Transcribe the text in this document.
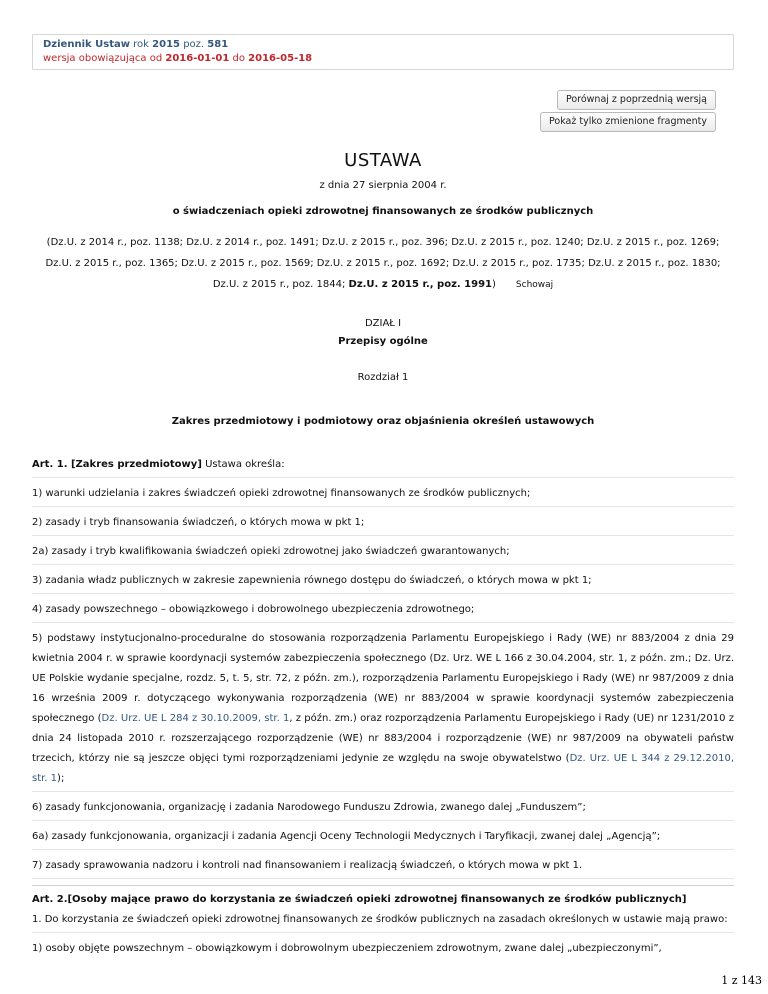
Dziennik Ustaw rok 2015 poz. 581
wersja obowiązująca od 2016-01-01 do 2016-05-18
Porównaj z poprzednią wersją
Pokaż tylko zmienione fragmenty
USTAWA
z dnia 27 sierpnia 2004 r.
o świadczeniach opieki zdrowotnej finansowanych ze środków publicznych
(Dz.U. z 2014 r., poz. 1138; Dz.U. z 2014 r., poz. 1491; Dz.U. z 2015 r., poz. 396; Dz.U. z 2015 r., poz. 1240; Dz.U. z 2015 r., poz. 1269; Dz.U. z 2015 r., poz. 1365; Dz.U. z 2015 r., poz. 1569; Dz.U. z 2015 r., poz. 1692; Dz.U. z 2015 r., poz. 1735; Dz.U. z 2015 r., poz. 1830; Dz.U. z 2015 r., poz. 1844; Dz.U. z 2015 r., poz. 1991) Schowaj
DZIAŁ I
Przepisy ogólne
Rozdział 1
Zakres przedmiotowy i podmiotowy oraz objaśnienia określeń ustawowych
Art. 1. [Zakres przedmiotowy] Ustawa określa:
1) warunki udzielania i zakres świadczeń opieki zdrowotnej finansowanych ze środków publicznych;
2) zasady i tryb finansowania świadczeń, o których mowa w pkt 1;
2a) zasady i tryb kwalifikowania świadczeń opieki zdrowotnej jako świadczeń gwarantowanych;
3) zadania władz publicznych w zakresie zapewnienia równego dostępu do świadczeń, o których mowa w pkt 1;
4) zasady powszechnego – obowiązkowego i dobrowolnego ubezpieczenia zdrowotnego;
5) podstawy instytucjonalno-proceduralne do stosowania rozporządzenia Parlamentu Europejskiego i Rady (WE) nr 883/2004 z dnia 29 kwietnia 2004 r. w sprawie koordynacji systemów zabezpieczenia społecznego (Dz. Urz. WE L 166 z 30.04.2004, str. 1, z późn. zm.; Dz. Urz. UE Polskie wydanie specjalne, rozdz. 5, t. 5, str. 72, z późn. zm.), rozporządzenia Parlamentu Europejskiego i Rady (WE) nr 987/2009 z dnia 16 września 2009 r. dotyczącego wykonywania rozporządzenia (WE) nr 883/2004 w sprawie koordynacji systemów zabezpieczenia społecznego (Dz. Urz. UE L 284 z 30.10.2009, str. 1, z późn. zm.) oraz rozporządzenia Parlamentu Europejskiego i Rady (UE) nr 1231/2010 z dnia 24 listopada 2010 r. rozszerzającego rozporządzenie (WE) nr 883/2004 i rozporządzenie (WE) nr 987/2009 na obywateli państw trzecich, którzy nie są jeszcze objęci tymi rozporządzeniami jedynie ze względu na swoje obywatelstwo (Dz. Urz. UE L 344 z 29.12.2010, str. 1);
6) zasady funkcjonowania, organizację i zadania Narodowego Funduszu Zdrowia, zwanego dalej „Funduszem”;
6a) zasady funkcjonowania, organizacji i zadania Agencji Oceny Technologii Medycznych i Taryfikacji, zwanej dalej „Agencją”;
7) zasady sprawowania nadzoru i kontroli nad finansowaniem i realizacją świadczeń, o których mowa w pkt 1.
Art. 2.[Osoby mające prawo do korzystania ze świadczeń opieki zdrowotnej finansowanych ze środków publicznych]
1. Do korzystania ze świadczeń opieki zdrowotnej finansowanych ze środków publicznych na zasadach określonych w ustawie mają prawo:
1) osoby objęte powszechnym – obowiązkowym i dobrowolnym ubezpieczeniem zdrowotnym, zwane dalej „ubezpieczonymi”,
1 z 143
